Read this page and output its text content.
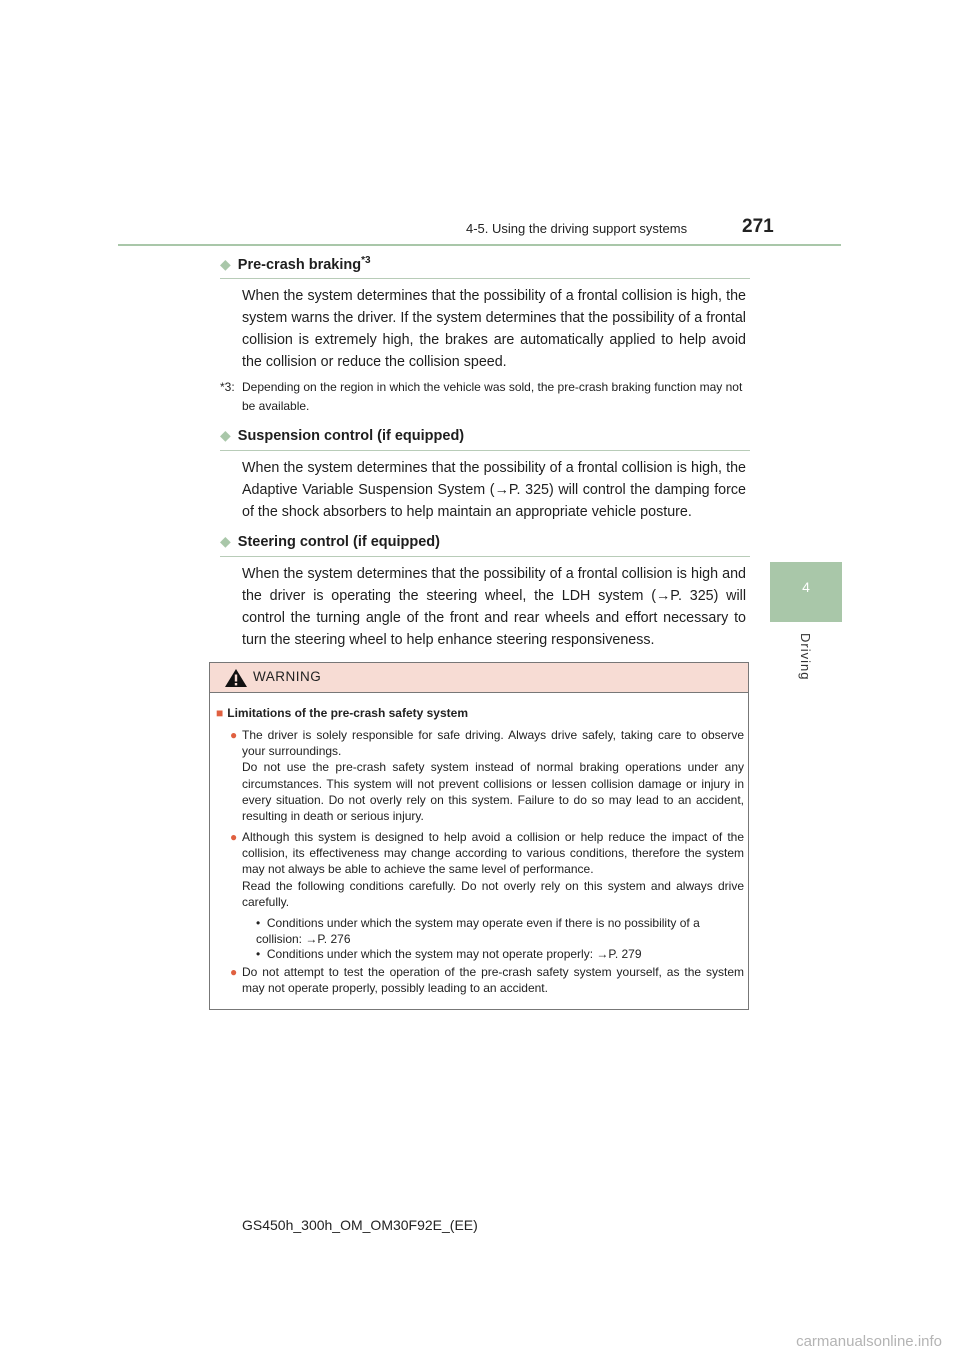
4-5. Using the driving support systems	271
4
Driving
◆ Pre-crash braking$^{*3}$
When the system determines that the possibility of a frontal collision is high, the system warns the driver. If the system determines that the possibility of a frontal collision is extremely high, the brakes are automatically applied to help avoid the collision or reduce the collision speed.
*3: Depending on the region in which the vehicle was sold, the pre-crash braking function may not be available.
◆ Suspension control (if equipped)
When the system determines that the possibility of a frontal collision is high, the Adaptive Variable Suspension System (→P. 325) will control the damping force of the shock absorbers to help maintain an appropriate vehicle posture.
◆ Steering control (if equipped)
When the system determines that the possibility of a frontal collision is high and the driver is operating the steering wheel, the LDH system (→P. 325) will control the turning angle of the front and rear wheels and effort necessary to turn the steering wheel to help enhance steering responsiveness.
WARNING
■ Limitations of the pre-crash safety system
● The driver is solely responsible for safe driving. Always drive safely, taking care to observe your surroundings.
Do not use the pre-crash safety system instead of normal braking operations under any circumstances. This system will not prevent collisions or lessen collision damage or injury in every situation. Do not overly rely on this system. Failure to do so may lead to an accident, resulting in death or serious injury.
● Although this system is designed to help avoid a collision or help reduce the impact of the collision, its effectiveness may change according to various conditions, therefore the system may not always be able to achieve the same level of performance.
Read the following conditions carefully. Do not overly rely on this system and always drive carefully.
•  Conditions under which the system may operate even if there is no possibility of a collision: →P. 276
•  Conditions under which the system may not operate properly: →P. 279
● Do not attempt to test the operation of the pre-crash safety system yourself, as the system may not operate properly, possibly leading to an accident.
GS450h_300h_OM_OM30F92E_(EE)
carmanualsonline.info
